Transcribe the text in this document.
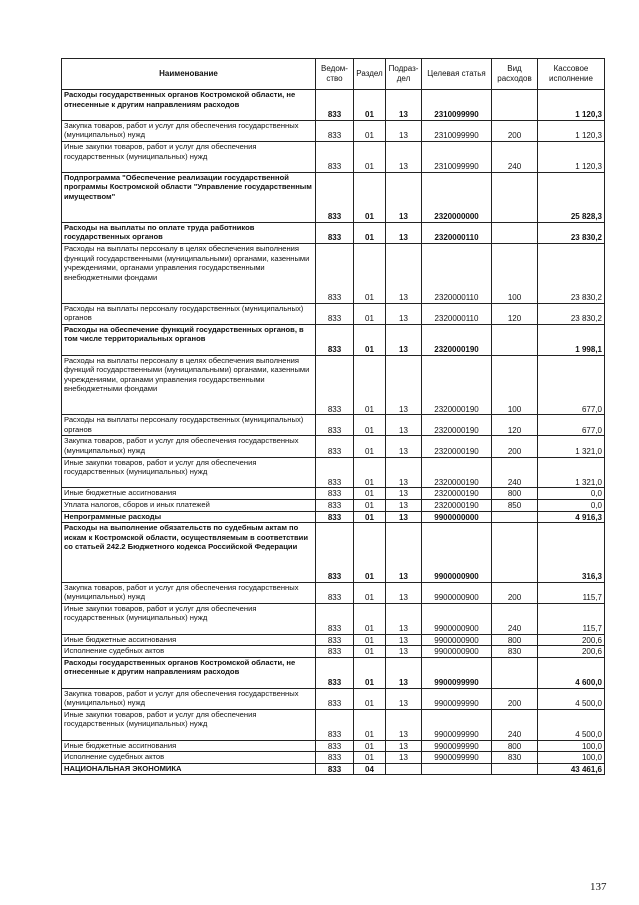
Наименование	Ведом-ство	Раздел	Подраз-дел	Целевая статья	Вид расходов	Кассовое исполнение
Расходы государственных органов Костромской области, не отнесенные к другим направлениям расходов	833	01	13	2310099990		1 120,3
Закупка товаров, работ и услуг для обеспечения государственных (муниципальных) нужд	833	01	13	2310099990	200	1 120,3
Иные закупки товаров, работ и услуг для обеспечения государственных (муниципальных) нужд	833	01	13	2310099990	240	1 120,3
Подпрограмма "Обеспечение реализации государственной программы Костромской области "Управление государственным имуществом"	833	01	13	2320000000		25 828,3
Расходы на выплаты по оплате труда работников государственных органов	833	01	13	2320000110		23 830,2
Расходы на выплаты персоналу в целях обеспечения выполнения функций государственными (муниципальными) органами, казенными учреждениями, органами управления государственными внебюджетными фондами	833	01	13	2320000110	100	23 830,2
Расходы на выплаты персоналу государственных (муниципальных) органов	833	01	13	2320000110	120	23 830,2
Расходы на обеспечение функций государственных органов, в том числе территориальных органов	833	01	13	2320000190		1 998,1
Расходы на выплаты персоналу в целях обеспечения выполнения функций государственными (муниципальными) органами, казенными учреждениями, органами управления государственными внебюджетными фондами	833	01	13	2320000190	100	677,0
Расходы на выплаты персоналу государственных (муниципальных) органов	833	01	13	2320000190	120	677,0
Закупка товаров, работ и услуг для обеспечения государственных (муниципальных) нужд	833	01	13	2320000190	200	1 321,0
Иные закупки товаров, работ и услуг для обеспечения государственных (муниципальных) нужд	833	01	13	2320000190	240	1 321,0
Иные бюджетные ассигнования	833	01	13	2320000190	800	0,0
Уплата налогов, сборов и иных платежей	833	01	13	2320000190	850	0,0
Непрограммные расходы	833	01	13	9900000000		4 916,3
Расходы на выполнение обязательств по судебным актам по искам к Костромской области, осуществляемым в соответствии со статьей 242.2 Бюджетного кодекса Российской Федерации	833	01	13	9900000900		316,3
Закупка товаров, работ и услуг для обеспечения государственных (муниципальных) нужд	833	01	13	9900000900	200	115,7
Иные закупки товаров, работ и услуг для обеспечения государственных (муниципальных) нужд	833	01	13	9900000900	240	115,7
Иные бюджетные ассигнования	833	01	13	9900000900	800	200,6
Исполнение судебных актов	833	01	13	9900000900	830	200,6
Расходы государственных органов Костромской области, не отнесенные к другим направлениям расходов	833	01	13	9900099990		4 600,0
Закупка товаров, работ и услуг для обеспечения государственных (муниципальных) нужд	833	01	13	9900099990	200	4 500,0
Иные закупки товаров, работ и услуг для обеспечения государственных (муниципальных) нужд	833	01	13	9900099990	240	4 500,0
Иные бюджетные ассигнования	833	01	13	9900099990	800	100,0
Исполнение судебных актов	833	01	13	9900099990	830	100,0
НАЦИОНАЛЬНАЯ ЭКОНОМИКА	833	04				43 461,6
137
